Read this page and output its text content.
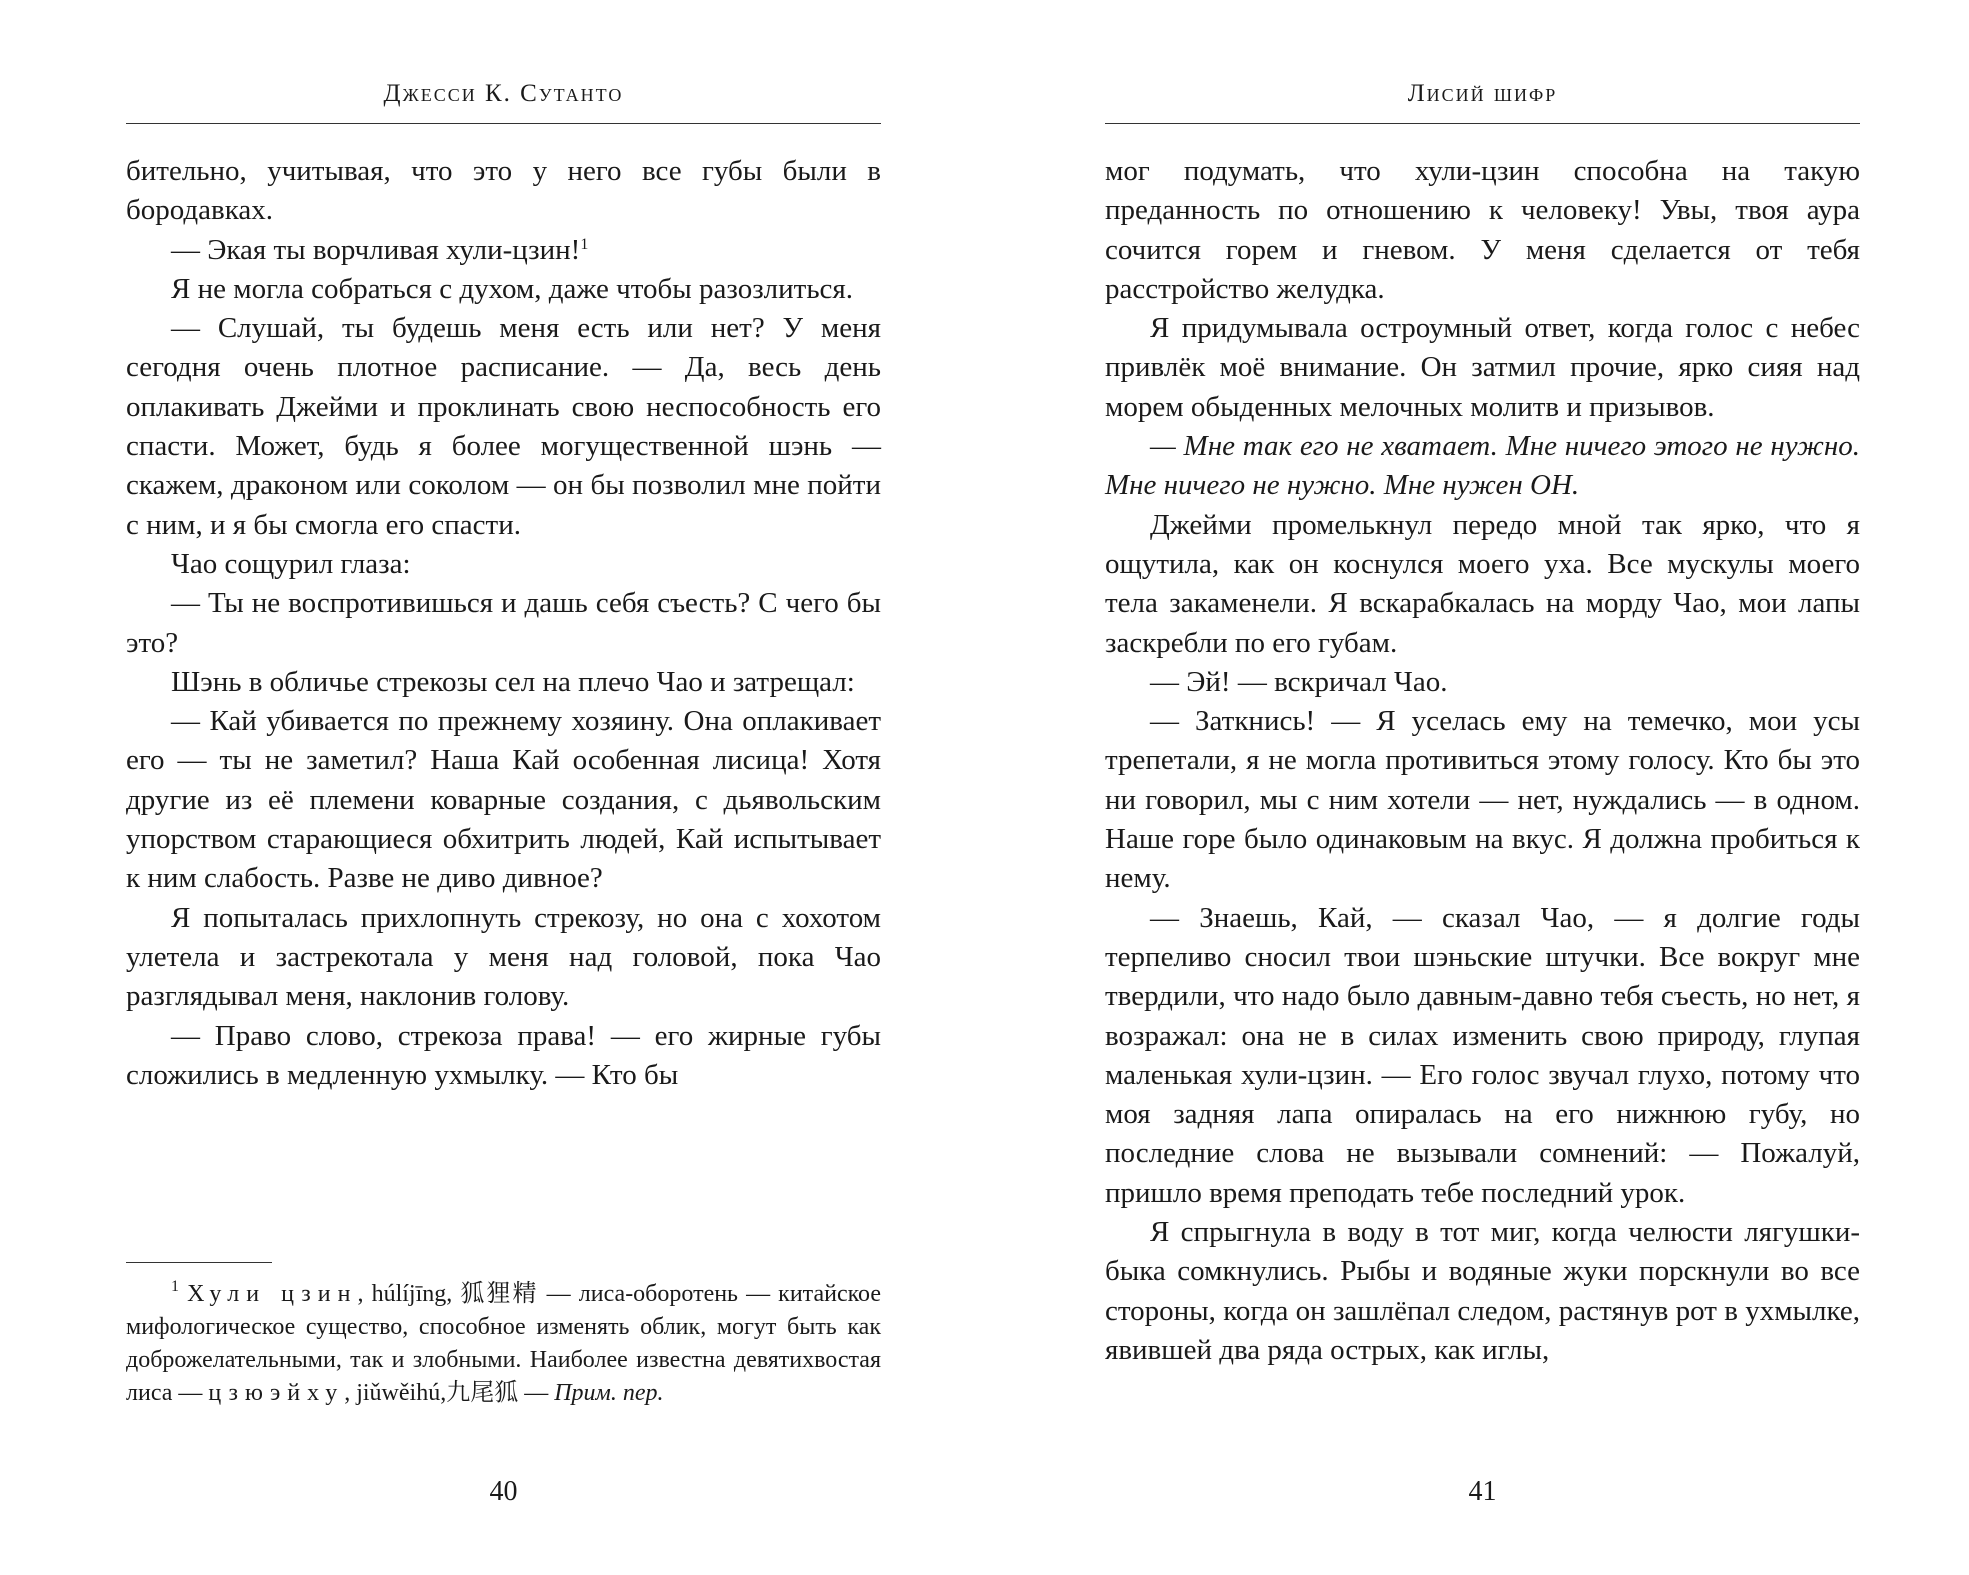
Джесси К. Сутанто

бительно, учитывая, что это у него все губы были в бородавках.

— Экая ты ворчливая хули-цзин!$^1$

Я не могла собраться с духом, даже чтобы разозлиться.

— Слушай, ты будешь меня есть или нет? У меня сегодня очень плотное расписание. — Да, весь день оплакивать Джейми и проклинать свою неспособность его спасти. Может, будь я более могущественной шэнь — скажем, драконом или соколом — он бы позволил мне пойти с ним, и я бы смогла его спасти.

Чао сощурил глаза:

— Ты не воспротивишься и дашь себя съесть? С чего бы это?

Шэнь в обличье стрекозы сел на плечо Чао и затрещал:

— Кай убивается по прежнему хозяину. Она оплакивает его — ты не заметил? Наша Кай особенная лисица! Хотя другие из её племени коварные создания, с дьявольским упорством старающиеся обхитрить людей, Кай испытывает к ним слабость. Разве не диво дивное?

Я попыталась прихлопнуть стрекозу, но она с хохотом улетела и застрекотала у меня над головой, пока Чао разглядывал меня, наклонив голову.

— Право слово, стрекоза права! — его жирные губы сложились в медленную ухмылку. — Кто бы

$^1$ Хули цзин, húlíjīng, 狐狸精 — лиса-оборотень — китайское мифологическое существо, способное изменять облик, могут быть как доброжелательными, так и злобными. Наиболее известна девятихвостая лиса — цзюэйху, jiǔwěihú,九尾狐 — Прим. пер.

40
Лисий шифр

мог подумать, что хули-цзин способна на такую преданность по отношению к человеку! Увы, твоя аура сочится горем и гневом. У меня сделается от тебя расстройство желудка.

Я придумывала остроумный ответ, когда голос с небес привлёк моё внимание. Он затмил прочие, ярко сияя над морем обыденных мелочных молитв и призывов.

— Мне так его не хватает. Мне ничего этого не нужно. Мне ничего не нужно. Мне нужен ОН.

Джейми промелькнул передо мной так ярко, что я ощутила, как он коснулся моего уха. Все мускулы моего тела закаменели. Я вскарабкалась на морду Чао, мои лапы заскребли по его губам.

— Эй! — вскричал Чао.

— Заткнись! — Я уселась ему на темечко, мои усы трепетали, я не могла противиться этому голосу. Кто бы это ни говорил, мы с ним хотели — нет, нуждались — в одном. Наше горе было одинаковым на вкус. Я должна пробиться к нему.

— Знаешь, Кай, — сказал Чао, — я долгие годы терпеливо сносил твои шэньские штучки. Все вокруг мне твердили, что надо было давным-давно тебя съесть, но нет, я возражал: она не в силах изменить свою природу, глупая маленькая хули-цзин. — Его голос звучал глухо, потому что моя задняя лапа опиралась на его нижнюю губу, но последние слова не вызывали сомнений: — Пожалуй, пришло время преподать тебе последний урок.

Я спрыгнула в воду в тот миг, когда челюсти лягушки-быка сомкнулись. Рыбы и водяные жуки порскнули во все стороны, когда он зашлёпал следом, растянув рот в ухмылке, явившей два ряда острых, как иглы,

41
